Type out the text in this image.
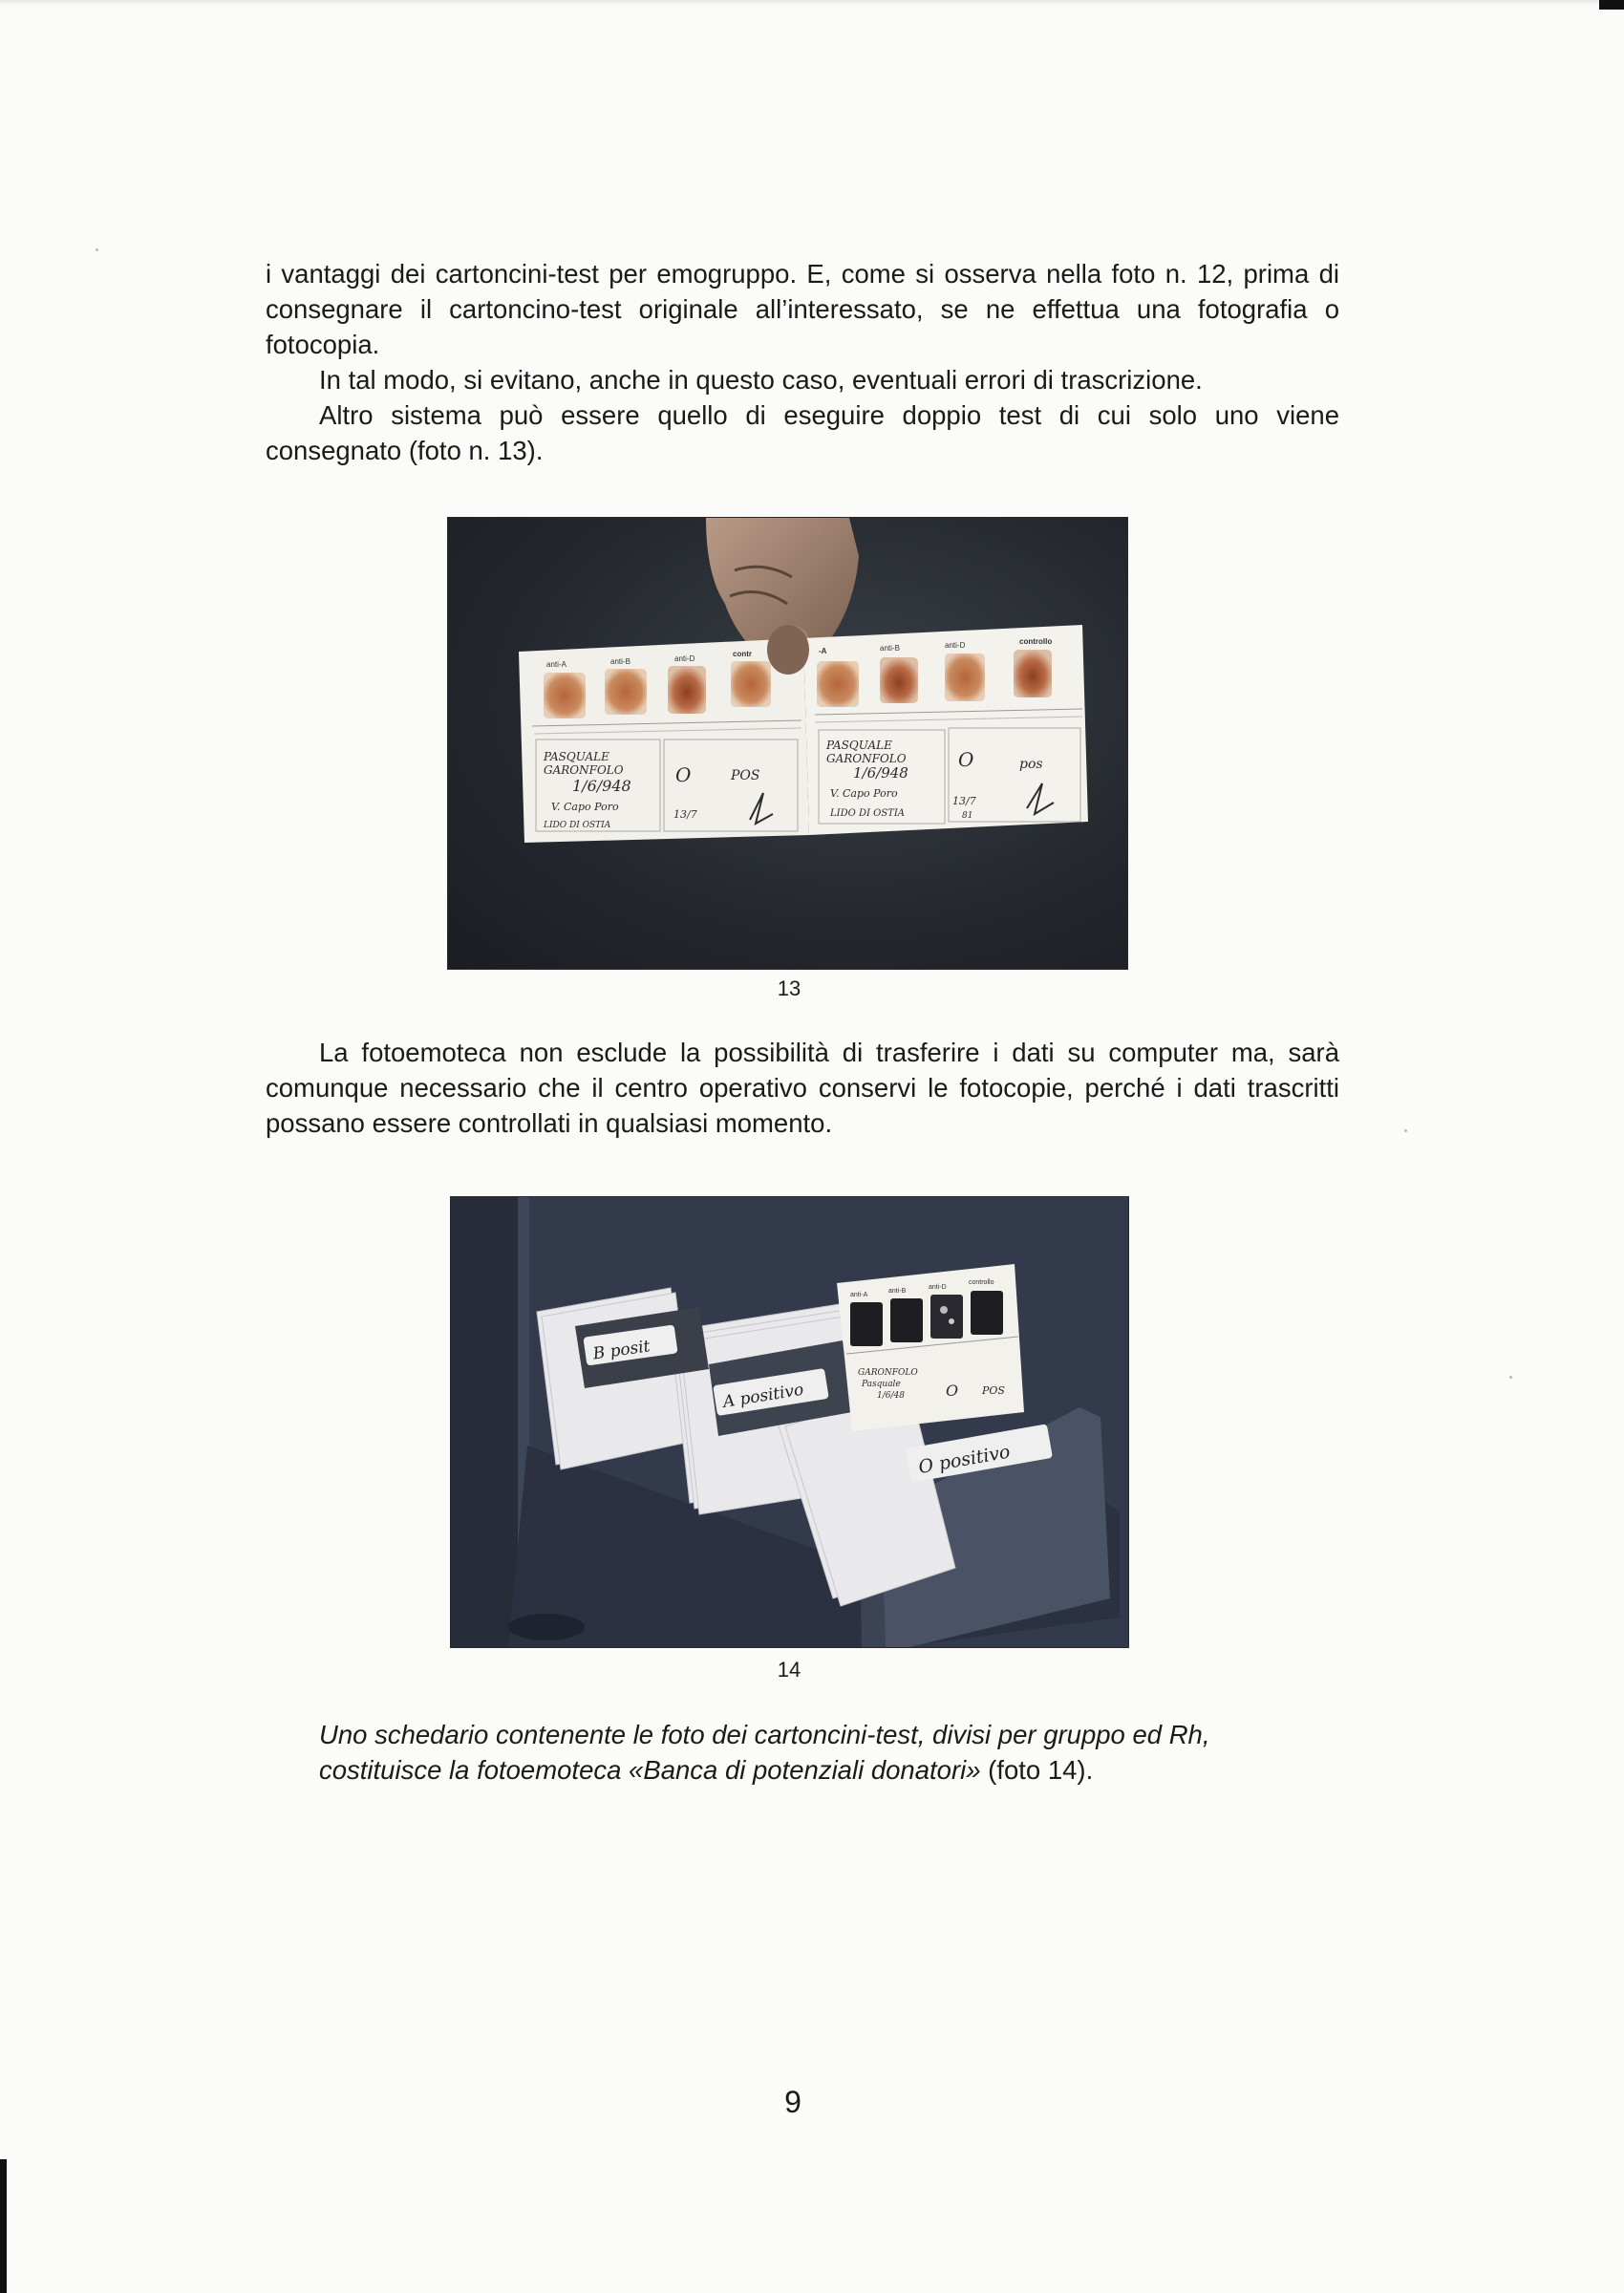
i vantaggi dei cartoncini-test per emogruppo. E, come si osserva nella foto n. 12, prima di consegnare il cartoncino-test originale all’interessato, se ne effettua una fotografia o fotocopia.

In tal modo, si evitano, anche in questo caso, eventuali errori di trascrizione.

Altro sistema può essere quello di eseguire doppio test di cui solo uno viene consegnato (foto n. 13).

anti-A	anti-B	anti-D
contr
PASQUALE
GARONFOLO
1/6/948
V. Capo Poro
LIDO DI OSTIA
O	POS
13/7
-A	anti-B	anti-D	controllo
PASQUALE
GARONFOLO
1/6/948
V. Capo Poro
LIDO DI OSTIA
O	pos
13/7
81
13

La fotoemoteca non esclude la possibilità di trasferire i dati su computer ma, sarà comunque necessario che il centro operativo conservi le fotocopie, perché i dati trascritti possano essere controllati in qualsiasi momento.

B posit
A positivo
O positivo
anti-A
anti-B
anti-D
controllo
GARONFOLO
Pasquale
1/6/48	O POS
14
Uno schedario contenente le foto dei cartoncini-test, divisi per gruppo ed Rh, costituisce la fotoemoteca «Banca di potenziali donatori» (foto 14).
9
